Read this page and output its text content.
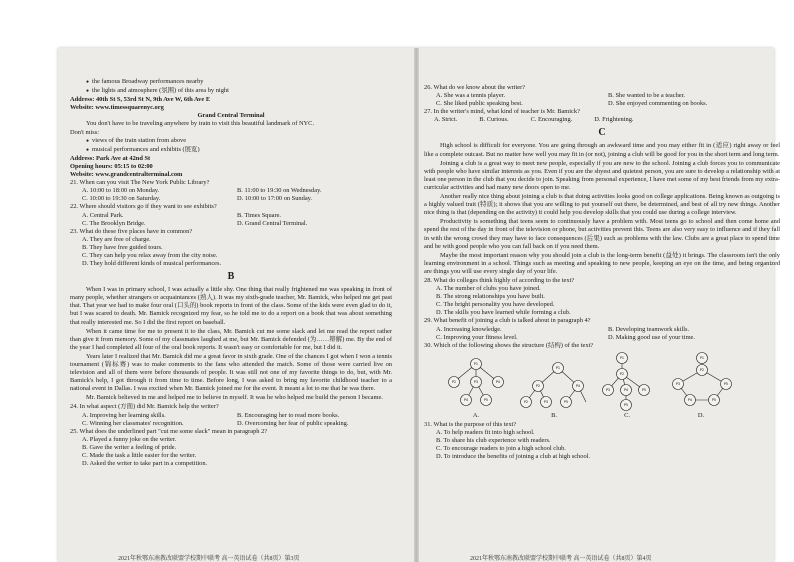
● the famous Broadway performances nearby
● the lights and atmosphere (氛围) of this area by night
Address: 40th St S, 53rd St N, 9th Ave W, 6th Ave E
Website: www.timessquarenyc.org
Grand Central Terminal
You don't have to be traveling anywhere by train to visit this beautiful landmark of NYC.
Don't miss:
● views of the train station from above
● musical performances and exhibits (展览)
Address: Park Ave at 42nd St
Opening hours: 05:15 to 02:00
Website: www.grandcentralterminal.com
21. When can you visit The New York Public Library?
A. 10:00 to 18:00 on Monday.	B. 11:00 to 19:30 on Wednesday.
C. 10:00 to 19:30 on Saturday.	D. 10:00 to 17:00 on Sunday.
22. Where should visitors go if they want to see exhibits?
A. Central Park.	B. Times Square.
C. The Brooklyn Bridge.	D. Grand Central Terminal.
23. What do these five places have in common?
A. They are free of charge.
B. They have free guided tours.
C. They can help you relax away from the city noise.
D. They hold different kinds of musical performances.
B
When I was in primary school, I was actually a little shy. One thing that really frightened me was speaking in front of many people, whether strangers or acquaintances (熟人). It was my sixth-grade teacher, Mr. Bamick, who helped me get past that. That year we had to make four oral (口头的) book reports in front of the class. Some of the kids were even glad to do it, but I was scared to death. Mr. Bamick recognized my fear, so he told me to do a report on a book that was about something that really interested me. So I did the first report on baseball.
When it came time for me to present it to the class, Mr. Bamick cut me some slack and let me read the report rather than give it from memory. Some of my classmates laughed at me, but Mr. Bamick defended (为……辩解) me. By the end of the year I had completed all four of the oral book reports. It wasn't easy or comfortable for me, but I did it.
Years later I realized that Mr. Bamick did me a great favor in sixth grade. One of the chances I got when I won a tennis tournament (锦标赛) was to make comments to the fans who attended the match. Some of those were carried live on television and all of them were before thousands of people. It was still not one of my favorite things to do, but, with Mr. Bamick's help, I got through it from time to time. Before long, I was asked to bring my favorite childhood teacher to a national event in Dallas. I was excited when Mr. Bamick joined me for the event. It meant a lot to me that he was there.
Mr. Bamick believed in me and helped me to believe in myself. It was he who helped me build the person I became.
24. In what aspect (方面) did Mr. Bamick help the writer?
A. Improving her learning skills.	B. Encouraging her to read more books.
C. Winning her classmates' recognition.	D. Overcoming her fear of public speaking.
25. What does the underlined part "cut me some slack" mean in paragraph 2?
A. Played a funny joke on the writer.
B. Gave the writer a feeling of pride.
C. Made the task a little easier for the writer.
D. Asked the writer to take part in a competition.
2021年秋鄂东南教改联盟学校期中联考 高一英语试卷（共8页）第3页
26. What do we know about the writer?
A. She was a tennis player.	B. She wanted to be a teacher.
C. She liked public speaking best.	D. She enjoyed commenting on books.
27. In the writer's mind, what kind of teacher is Mr. Bamick?
A. Strict.	B. Curious.	C. Encouraging.	D. Frightening.
C
High school is difficult for everyone. You are going through an awkward time and you may either fit in (适应) right away or feel like a complete outcast. But no matter how well you may fit in (or not), joining a club will be good for you in the short term and long term.
Joining a club is a great way to meet new people, especially if you are new to the school. Joining a club forces you to communicate with people who have similar interests as you. Even if you are the shyest and quietest person, you are sure to develop a relationship with at least one person in the club that you decide to join. Speaking from personal experience, I have met some of my best friends from my extra-curricular activities and had many new doors open to me.
Another really nice thing about joining a club is that doing activities looks good on college applications. Being known as outgoing is a highly valued trait (特质); it shows that you are willing to put yourself out there, be determined, and best of all try new things. Another nice thing is that (depending on the activity) it could help you develop skills that you could use during a college interview.
Productivity is something that teens seem to continuously have a problem with. Most teens go to school and then come home and spend the rest of the day in front of the television or phone, but activities prevent this. Teens are also very easy to influence and if they fall in with the wrong crowd they may have to face consequences (后果) such as problems with the law. Clubs are a great place to spend time and be with good people who you can fall back on if you need them.
Maybe the most important reason why you should join a club is the long-term benefit (益处) it brings. The classroom isn't the only learning environment in a school. Things such as meeting and speaking to new people, keeping an eye on the time, and being organized are things you will use every single day of your life.
28. What do colleges think highly of according to the text?
A. The number of clubs you have joined.
B. The strong relationships you have built.
C. The bright personality you have developed.
D. The skills you have learned while forming a club.
29. What benefit of joining a club is talked about in paragraph 4?
A. Increasing knowledge.	B. Developing teamwork skills.
C. Improving your fitness level.	D. Making good use of your time.
30. Which of the following shows the structure (结构) of the text?
P1
P2	P3	P4
P4	P5
A.
P1
P2	P4
P2	P3	P5
B.
P1
P2
P3	P4	P5
P5
C.
P1
P2
P3	P5
P4	P5
D.
31. What is the purpose of this text?
A. To help readers fit into high school.
B. To share his club experience with readers.
C. To encourage readers to join a high school club.
D. To introduce the benefits of joining a club at high school.
2021年秋鄂东南教改联盟学校期中联考 高一英语试卷（共8页）第4页
